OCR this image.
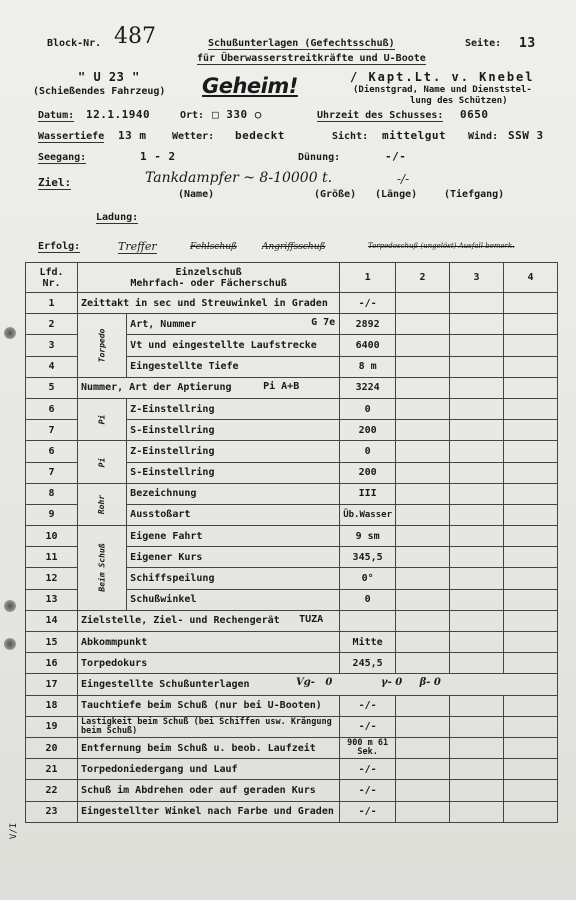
Block-Nr. 487	Schußunterlagen (Gefechtsschuß)
für Überwasserstreitkräfte und U-Boote
Seite: 13
" U 23 "
(Schießendes Fahrzeug) Geheim!	/ Kapt.Lt. v. Knebel
(Dienstgrad, Name und Dienststel-
lung des Schützen)
Datum: 12.1.1940	Ort: □ 330 ○	Uhrzeit des Schusses: 0650
Wassertiefe 13 m	Wetter: bedeckt	Sicht: mittelgut Wind: SSW 3
Seegang:	1 - 2	Dünung:	-/-
Ziel:	Tankdampfer ~ 8-10000 t.	-/-
(Name)	(Größe) (Länge)	(Tiefgang)
Ladung:
Erfolg:	Treffer	Fehlschuß	Angriffsschuß	Torpedoschuß (ungelöst) Ausfall bemerk.
V/I
Lfd. Nr.	Einzelschuß
Mehrfach- oder Fächerschuß		1	2	3	4
1	Zeittakt in sec und Streuwinkel in Graden		-/-			
2	Torpedo	Art, Nummer G 7e	2892			
3		Vt und eingestellte Laufstrecke	6400			
4		Eingestellte Tiefe	8 m			
5	Nummer, Art der Aptierung Pi A+B		3224			
6	Pi	Z-Einstellring	0			
7		S-Einstellring	200			
6	Pi	Z-Einstellring	0			
7		S-Einstellring	200			
8	Rohr	Bezeichnung	III			
9		Ausstoßart	Üb.Wasser			
10	Beim Schuß	Eigene Fahrt	9 sm			
11		Eigener Kurs	345,5			
12		Schiffspeilung	0°			
13		Schußwinkel	0			
14	Zielstelle, Ziel- und Rechengerät TUZA					

15	Abkommpunkt		Mitte			
16	Torpedokurs		245,5			
17	Eingestellte Schußunterlagen Vg-   0              γ- 0     β- 0					

18	Tauchtiefe beim Schuß (nur bei U-Booten)		-/-			
19	Lastigkeit beim Schuß (bei Schiffen usw. Krängung beim Schuß)		-/-			
20	Entfernung beim Schuß u. beob. Laufzeit		900 m 61 Sek.			
21	Torpedoniedergang und Lauf		-/-			
22	Schuß im Abdrehen oder auf geraden Kurs		-/-			
23	Eingestellter Winkel nach Farbe und Graden		-/-			
